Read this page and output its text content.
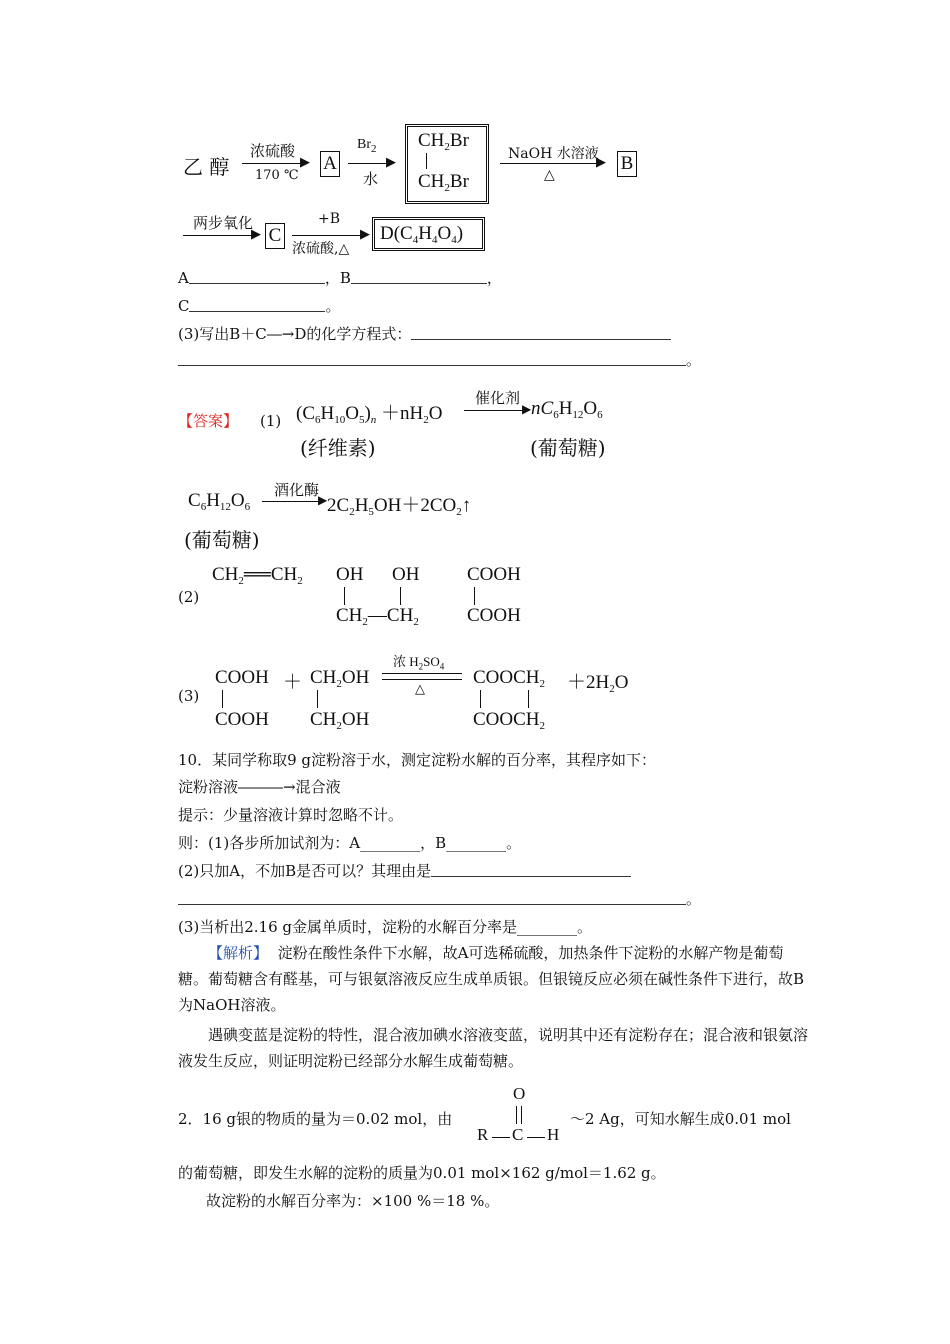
乙 醇
浓硫酸
▶
170 ℃
A
$Br_2$
▶
水
$CH_2Br$
$CH_2Br$
NaOH 水溶液
▶
△
B
两步氧化
▶ C
+B
▶
浓硫酸,△
$D(C_4H_4O_4)$
A	，B	，
C	。
(3)写出B＋C―→D的化学方程式：
。
【答案】 (1) $(C_6H_{10}O_5)_n +nH_2O$
催化剂
▶ $nC_6H_{12}O_6$
(纤维素)	(葡萄糖)
$C_6H_{12}O_6$
酒化酶
▶ $2C_2H_5OH+2CO_2↑$
(葡萄糖)
(2)
$CH_2══CH_2$ OH OH
$CH_2—CH_2$
COOH
COOH
(3)
COOH
COOH
＋ $CH_2OH$
$CH_2OH$
浓 $H_2SO_4$
△
$COOCH_2$
$COOCH_2$
$+2H_2O$
10．某同学称取9 g淀粉溶于水，测定淀粉水解的百分率，其程序如下：
淀粉溶液―――→混合液
提示：少量溶液计算时忽略不计。
则：(1)各步所加试剂为：A________，B________。
(2)只加A，不加B是否可以？其理由是
。
(3)当析出2.16 g金属单质时，淀粉的水解百分率是________。

【解析】 淀粉在酸性条件下水解，故A可选稀硫酸，加热条件下淀粉的水解产物是葡萄糖。葡萄糖含有醛基，可与银氨溶液反应生成单质银。但银镜反应必须在碱性条件下进行，故B为NaOH溶液。

遇碘变蓝是淀粉的特性，混合液加碘水溶液变蓝，说明其中还有淀粉存在；混合液和银氨溶液发生反应，则证明淀粉已经部分水解生成葡萄糖。

2．16 g银的物质的量为＝0.02 mol，由
O
R C H
～2 Ag，可知水解生成0.01 mol
的葡萄糖，即发生水解的淀粉的质量为0.01 mol×162 g/mol＝1.62 g。
故淀粉的水解百分率为：×100 %＝18 %。
